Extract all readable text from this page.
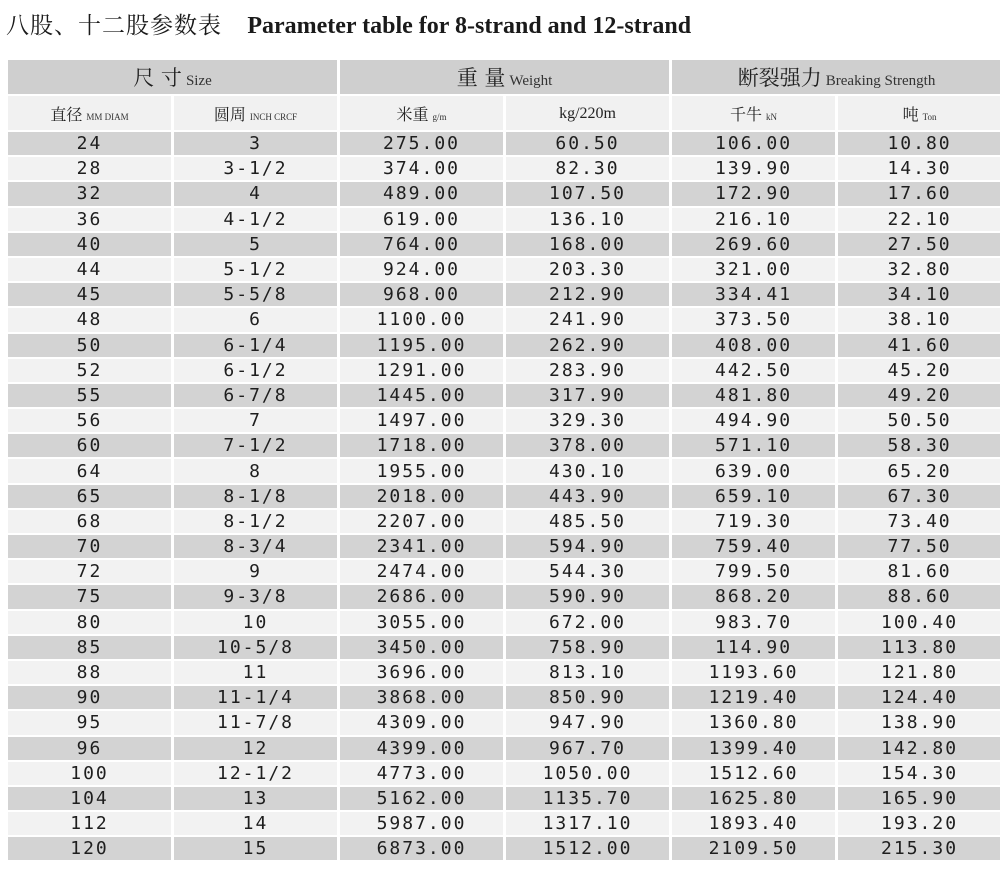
八股、十二股参数表 Parameter table for 8-strand and 12-strand
尺 寸 Size		重 量 Weight		断裂强力 Breaking Strength	
直径 MM DIAM	圆周 INCH CRCF	米重 g/m	kg/220m	千牛 kN	吨 Ton
24	3	275.00	60.50	106.00	10.80
28	3-1/2	374.00	82.30	139.90	14.30
32	4	489.00	107.50	172.90	17.60
36	4-1/2	619.00	136.10	216.10	22.10
40	5	764.00	168.00	269.60	27.50
44	5-1/2	924.00	203.30	321.00	32.80
45	5-5/8	968.00	212.90	334.41	34.10
48	6	1100.00	241.90	373.50	38.10
50	6-1/4	1195.00	262.90	408.00	41.60
52	6-1/2	1291.00	283.90	442.50	45.20
55	6-7/8	1445.00	317.90	481.80	49.20
56	7	1497.00	329.30	494.90	50.50
60	7-1/2	1718.00	378.00	571.10	58.30
64	8	1955.00	430.10	639.00	65.20
65	8-1/8	2018.00	443.90	659.10	67.30
68	8-1/2	2207.00	485.50	719.30	73.40
70	8-3/4	2341.00	594.90	759.40	77.50
72	9	2474.00	544.30	799.50	81.60
75	9-3/8	2686.00	590.90	868.20	88.60
80	10	3055.00	672.00	983.70	100.40
85	10-5/8	3450.00	758.90	114.90	113.80
88	11	3696.00	813.10	1193.60	121.80
90	11-1/4	3868.00	850.90	1219.40	124.40
95	11-7/8	4309.00	947.90	1360.80	138.90
96	12	4399.00	967.70	1399.40	142.80
100	12-1/2	4773.00	1050.00	1512.60	154.30
104	13	5162.00	1135.70	1625.80	165.90
112	14	5987.00	1317.10	1893.40	193.20
120	15	6873.00	1512.00	2109.50	215.30
